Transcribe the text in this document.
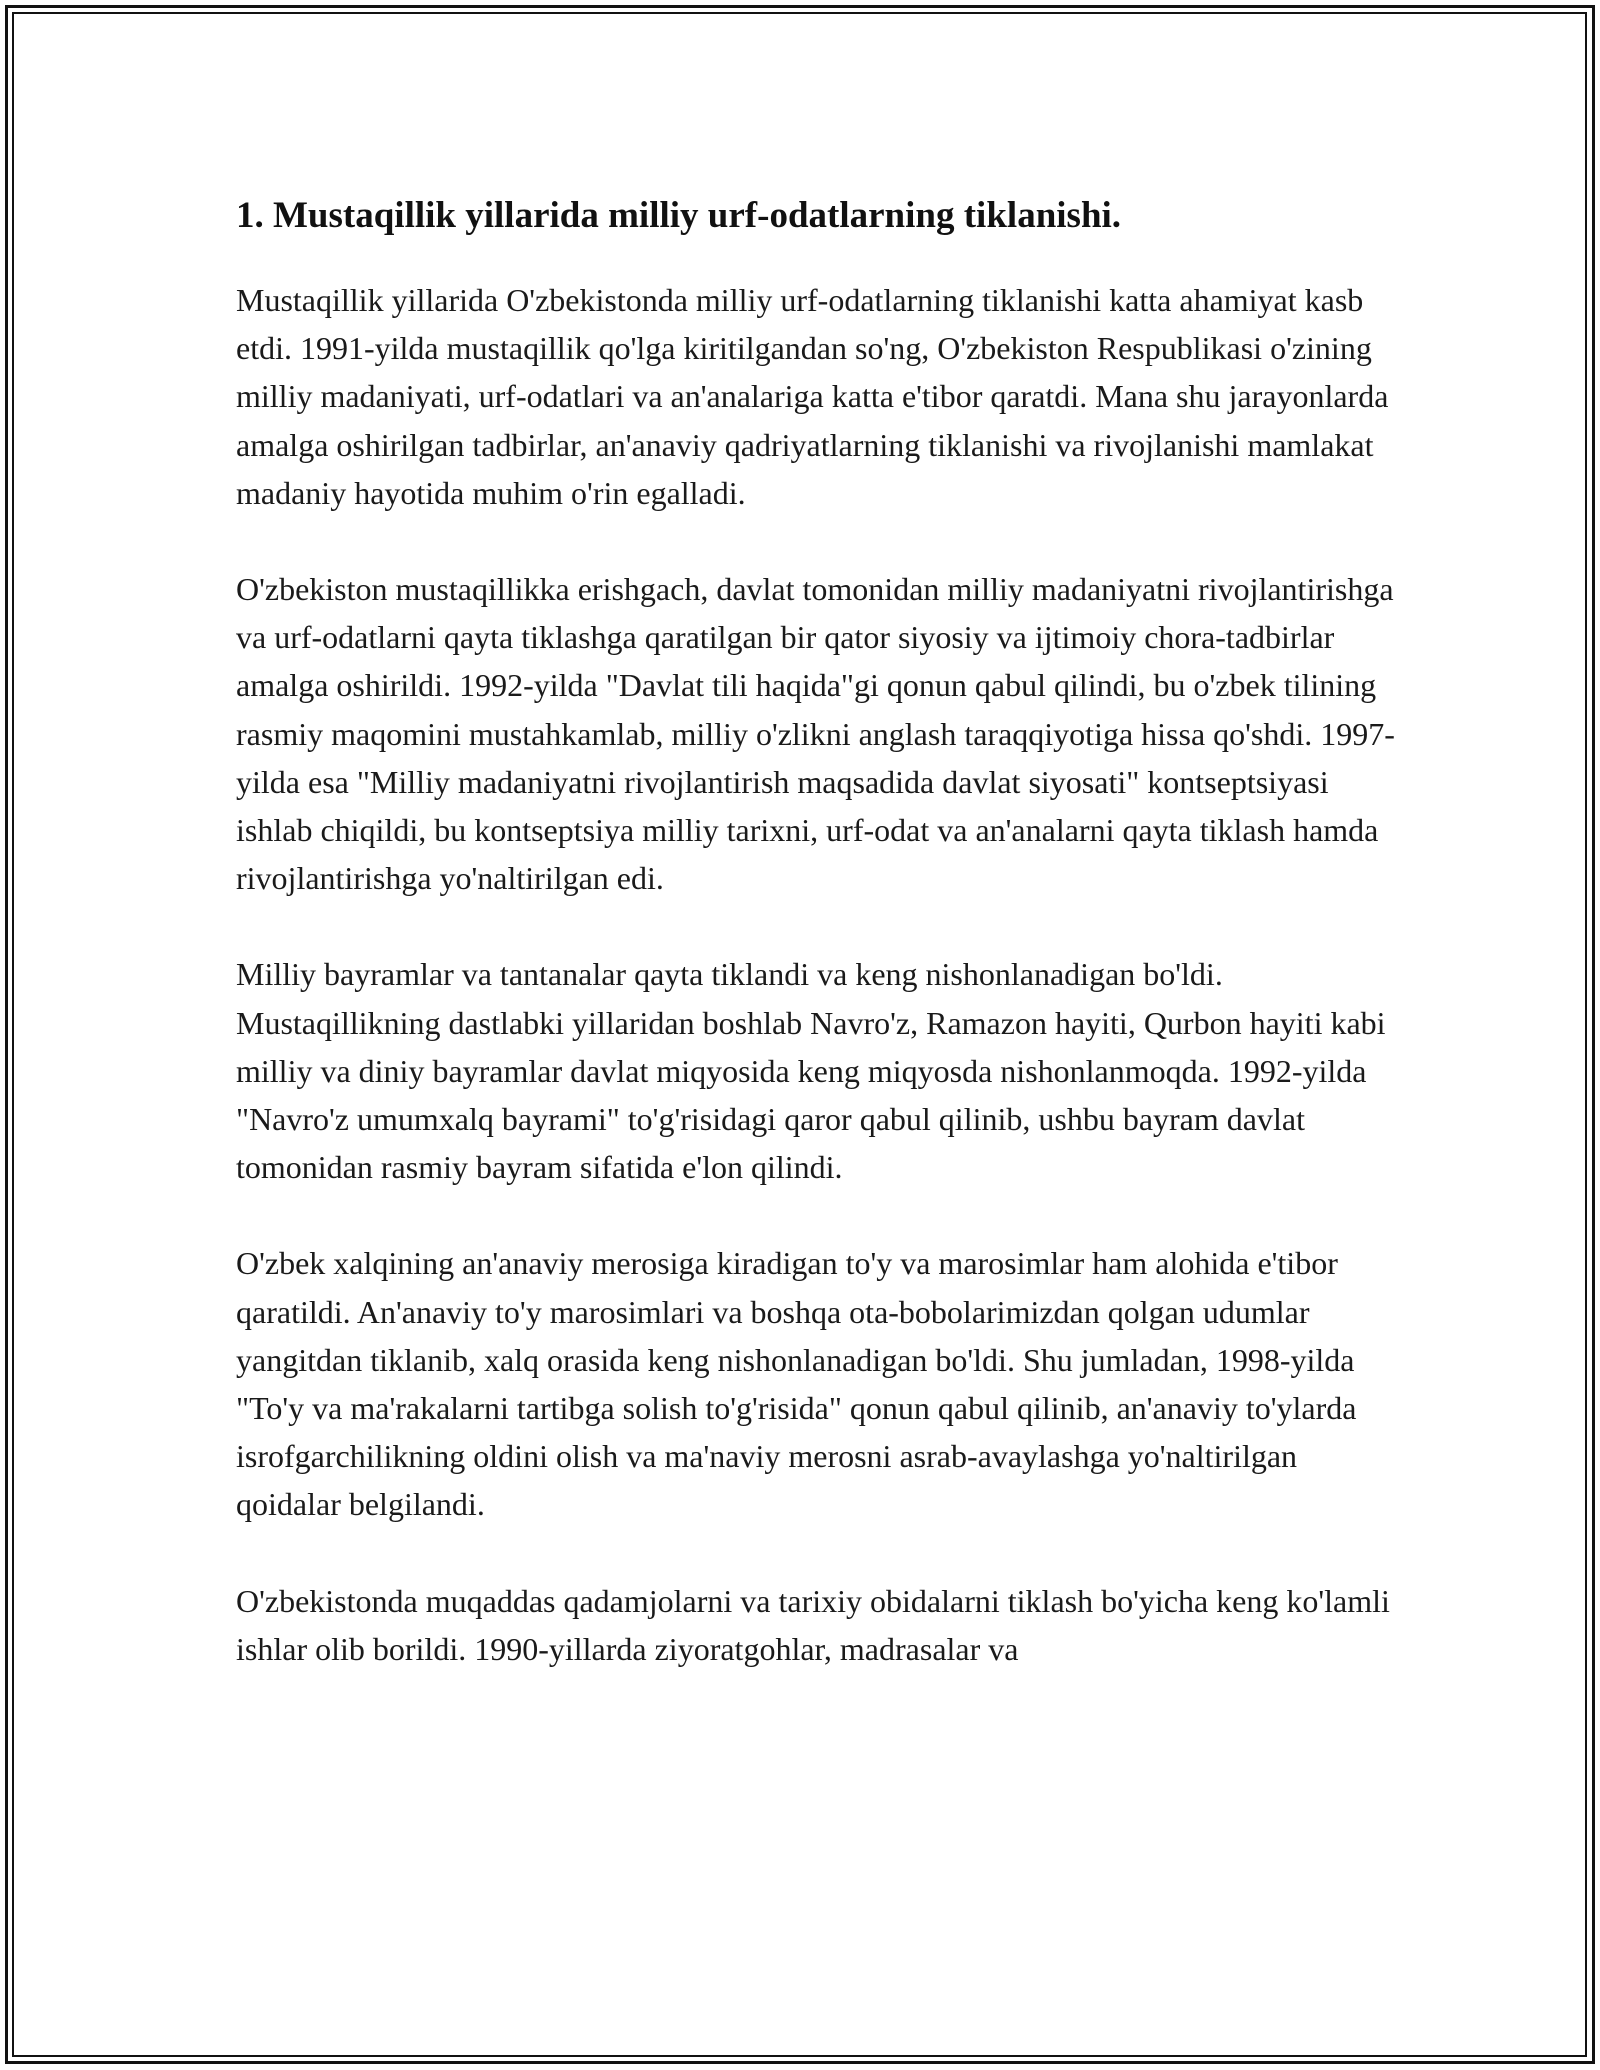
1. Mustaqillik yillarida milliy urf-odatlarning tiklanishi.

Mustaqillik yillarida O'zbekistonda milliy urf-odatlarning tiklanishi katta ahamiyat kasb etdi. 1991-yilda mustaqillik qo'lga kiritilgandan so'ng, O'zbekiston Respublikasi o'zining milliy madaniyati, urf-odatlari va an'analariga katta e'tibor qaratdi. Mana shu jarayonlarda amalga oshirilgan tadbirlar, an'anaviy qadriyatlarning tiklanishi va rivojlanishi mamlakat madaniy hayotida muhim o'rin egalladi.

O'zbekiston mustaqillikka erishgach, davlat tomonidan milliy madaniyatni rivojlantirishga va urf-odatlarni qayta tiklashga qaratilgan bir qator siyosiy va ijtimoiy chora-tadbirlar amalga oshirildi. 1992-yilda "Davlat tili haqida"gi qonun qabul qilindi, bu o'zbek tilining rasmiy maqomini mustahkamlab, milliy o'zlikni anglash taraqqiyotiga hissa qo'shdi. 1997-yilda esa "Milliy madaniyatni rivojlantirish maqsadida davlat siyosati" kontseptsiyasi ishlab chiqildi, bu kontseptsiya milliy tarixni, urf-odat va an'analarni qayta tiklash hamda rivojlantirishga yo'naltirilgan edi.

Milliy bayramlar va tantanalar qayta tiklandi va keng nishonlanadigan bo'ldi. Mustaqillikning dastlabki yillaridan boshlab Navro'z, Ramazon hayiti, Qurbon hayiti kabi milliy va diniy bayramlar davlat miqyosida keng miqyosda nishonlanmoqda. 1992-yilda "Navro'z umumxalq bayrami" to'g'risidagi qaror qabul qilinib, ushbu bayram davlat tomonidan rasmiy bayram sifatida e'lon qilindi.

O'zbek xalqining an'anaviy merosiga kiradigan to'y va marosimlar ham alohida e'tibor qaratildi. An'anaviy to'y marosimlari va boshqa ota-bobolarimizdan qolgan udumlar yangitdan tiklanib, xalq orasida keng nishonlanadigan bo'ldi. Shu jumladan, 1998-yilda "To'y va ma'rakalarni tartibga solish to'g'risida" qonun qabul qilinib, an'anaviy to'ylarda isrofgarchilikning oldini olish va ma'naviy merosni asrab-avaylashga yo'naltirilgan qoidalar belgilandi.

O'zbekistonda muqaddas qadamjolarni va tarixiy obidalarni tiklash bo'yicha keng ko'lamli ishlar olib borildi. 1990-yillarda ziyoratgohlar, madrasalar va
